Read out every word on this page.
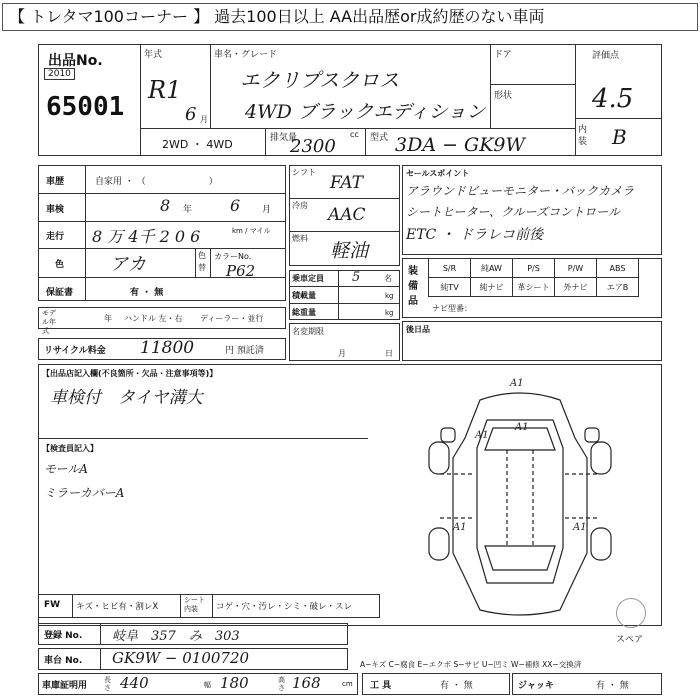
【 トレタマ100コーナー 】 過去100日以上 AA出品歴or成約歴のない車両
出品No.
2010
65001
年式
R1
6 月
車名・グレード
エクリプスクロス
4WD ブラックエディション
ドア
形状
評価点
4.5
内装 B
2WD ・ 4WD	排気量	cc
2300	型式 3DA − GK9W
車歴	自家用 ・ （　　　　　　　）
車検	8 年 6 月
走行 8 万 4千 2 0 6	km / マイル
色	アカ	色替
カラーNo.
P62
保証書	有 ・ 無
モデル年式
年 ハンドル 左・右 ディーラー・並行
リサイクル料金 11800	円 預託済
シフト
FAT
冷房 AAC
燃料
軽油
乗車定員 5	名
積載量	kg
総重量	kg
名変期限
月	日
セールスポイント
アラウンドビューモニター・バックカメラ
シートヒーター、クルーズコントロール
ETC ・ ドラレコ前後
装備品
S/R	純AW	P/S	P/W	ABS
純TV	純ナビ	革シート	外ナビ	エアB
ナビ型番：
後日品
【出品店記入欄(不良箇所・欠品・注意事項等)】
車検付　タイヤ溝大
【検査員記入】
モールA
ミラーカバーA
A1
A1
A1	A1
A1
スペア
FW キズ・ヒビ有・割レX
シート内装	コゲ・穴・汚レ・シミ・破レ・スレ
登録 No. 岐阜　357　み　303
車台 No. GK9W − 0100720	A−キズ C−腐食 E−エクボ S−サビ U−凹ミ W−補修 XX−交換済
車庫証明用
長さ 440	幅 180	高さ 168	cm 工 具	有 ・ 無	ジャッキ	有 ・ 無
